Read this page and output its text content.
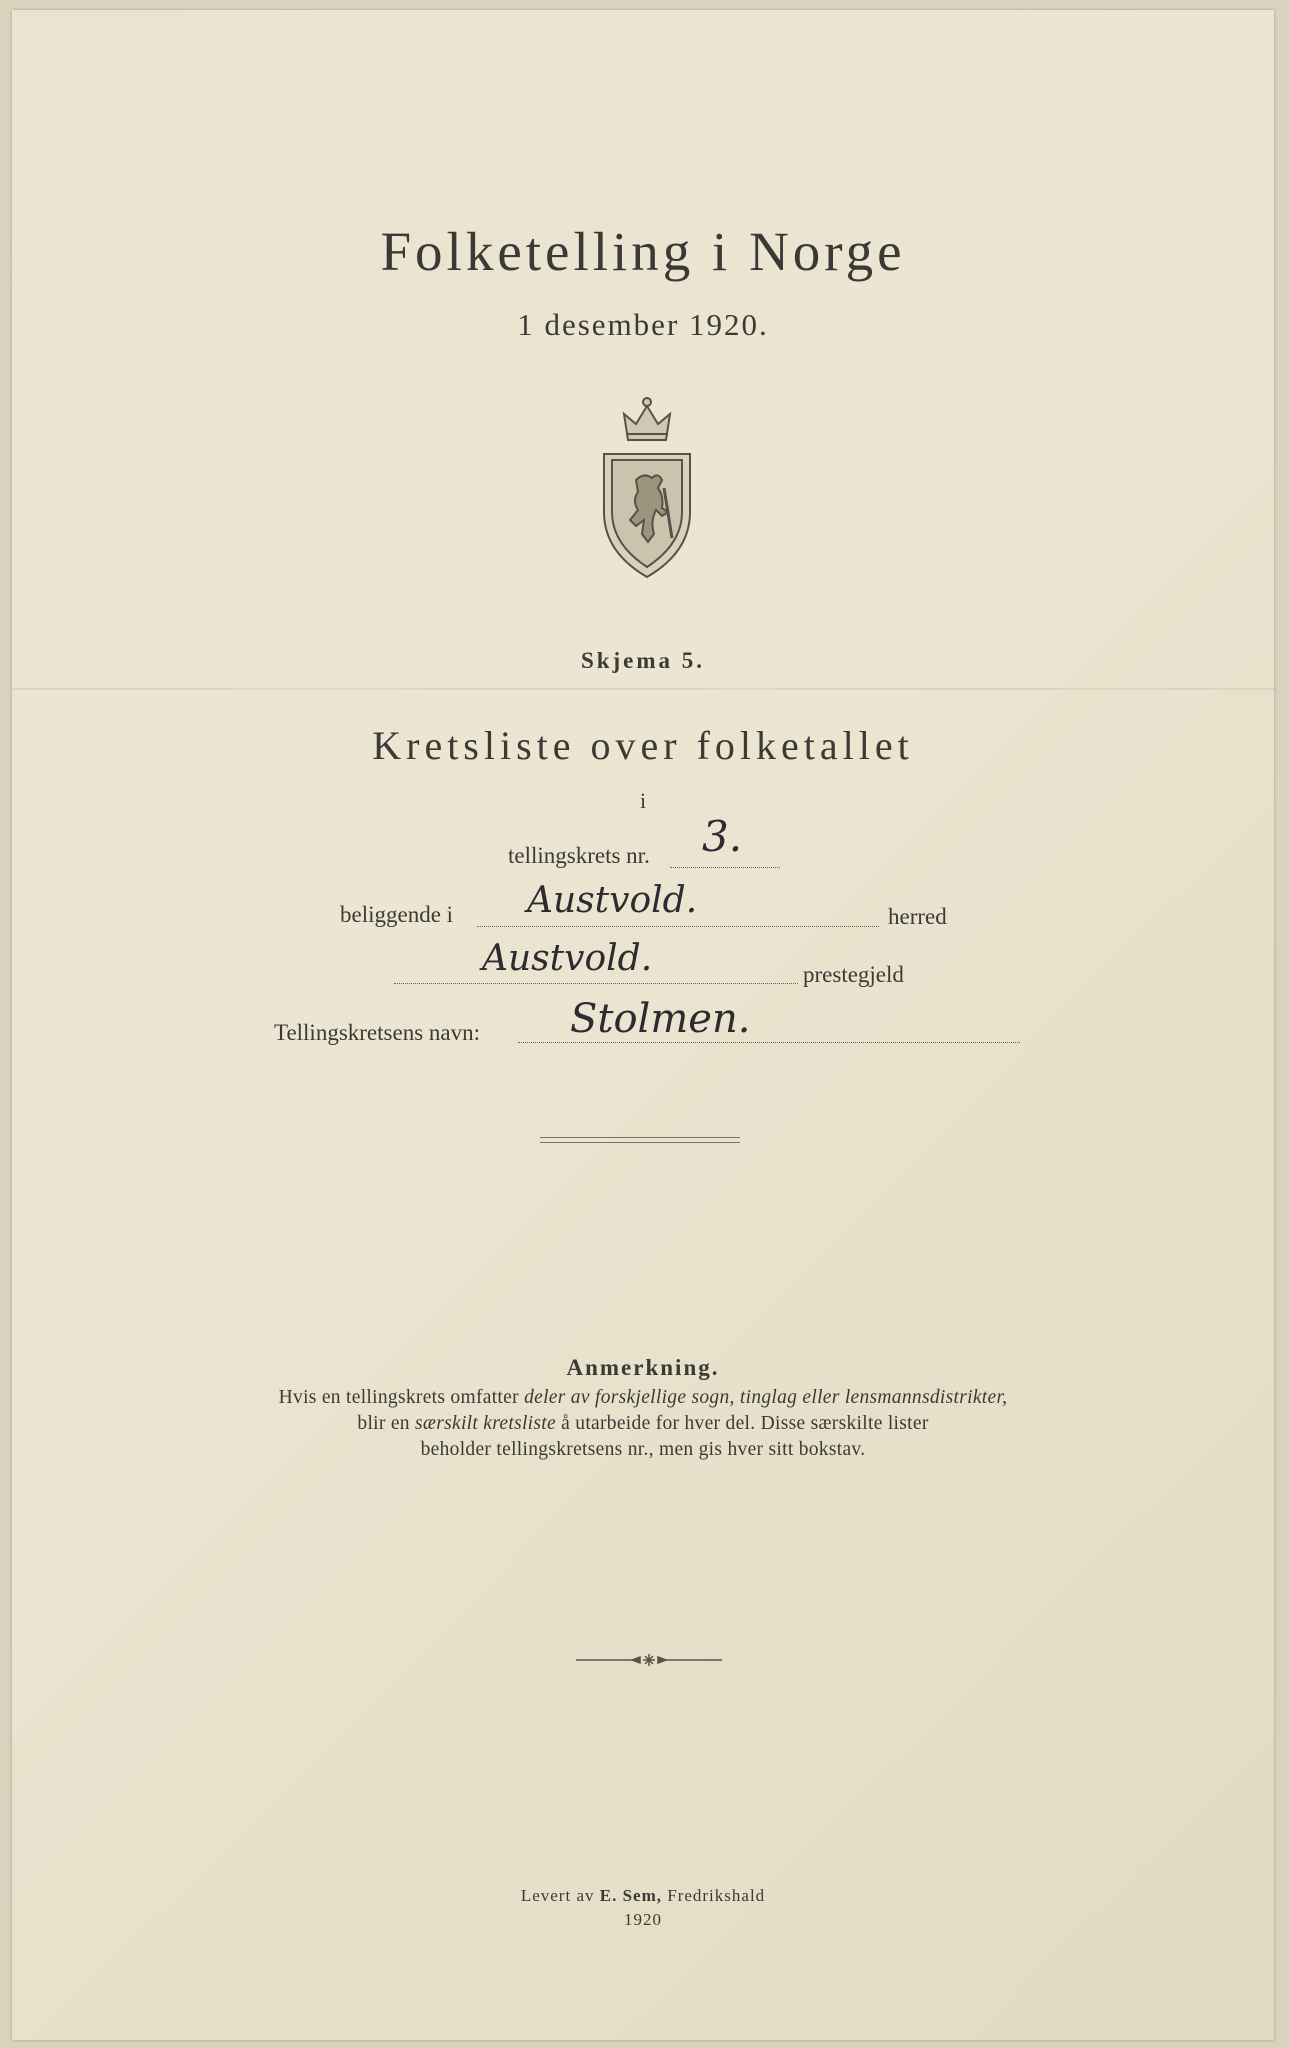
Folketelling i Norge
1 desember 1920.
Skjema 5.
Kretsliste over folketallet
i
tellingskrets nr. 3.
beliggende i Austvold.	herred
Austvold.	prestegjeld
Tellingskretsens navn: Stolmen.
Anmerkning.
Hvis en tellingskrets omfatter deler av forskjellige sogn, tinglag eller lensmannsdistrikter,
blir en særskilt kretsliste å utarbeide for hver del. Disse særskilte lister
beholder tellingskretsens nr., men gis hver sitt bokstav.
Levert av E. Sem, Fredrikshald
1920
